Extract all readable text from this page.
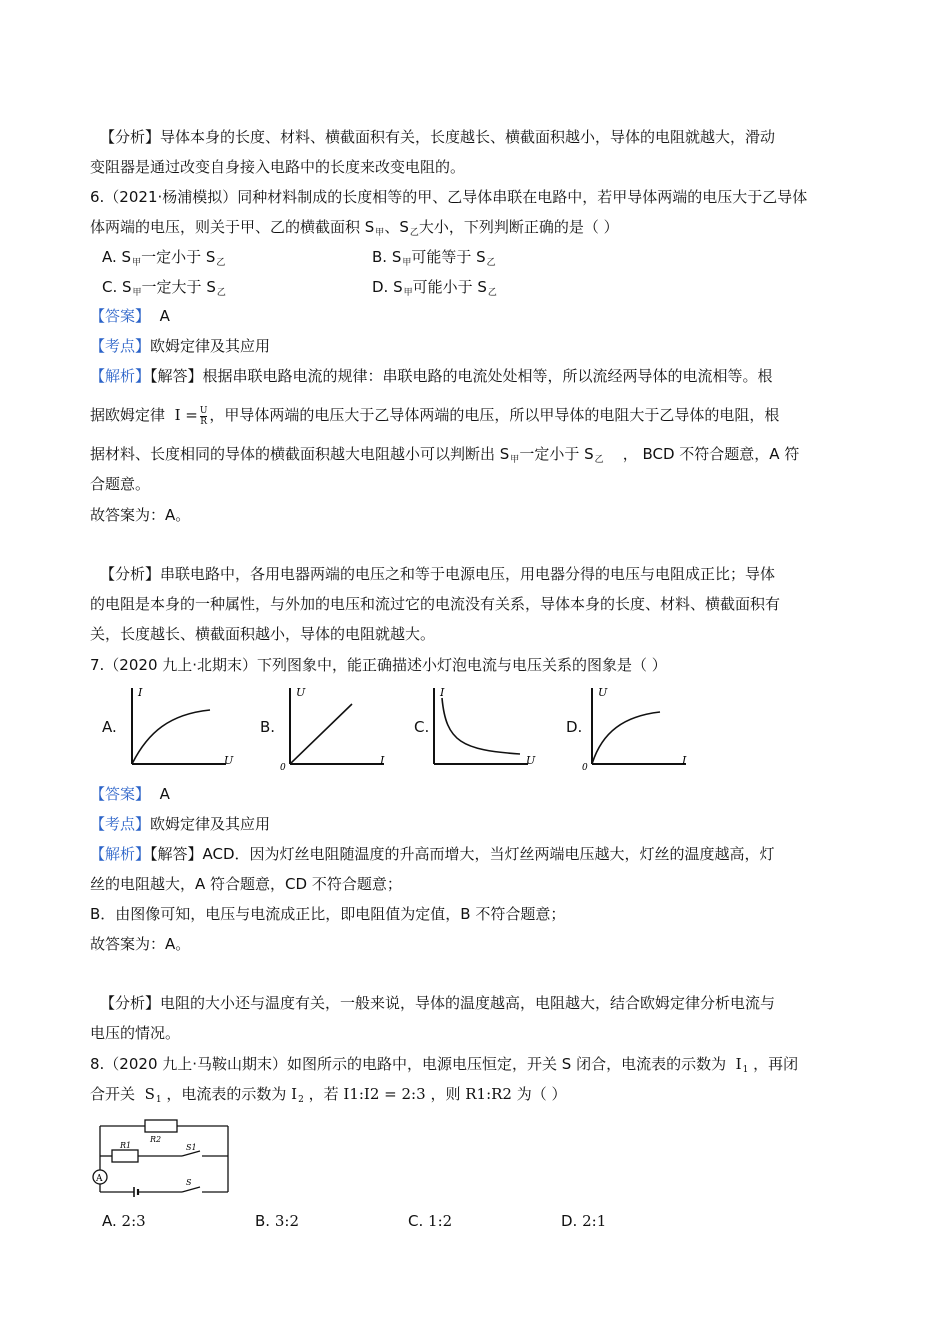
【分析】导体本身的长度、材料、横截面积有关，长度越长、横截面积越小，导体的电阻就越大，滑动
变阻器是通过改变自身接入电路中的长度来改变电阻的。
6.（2021·杨浦模拟）同种材料制成的长度相等的甲、乙导体串联在电路中，若甲导体两端的电压大于乙导体
体两端的电压，则关于甲、乙的横截面积 $S_甲$、$S_乙$大小，下列判断正确的是（ ）
A. $S_甲$一定小于 $S_乙$	B. $S_甲$可能等于 $S_乙$
C. $S_甲$一定大于 $S_乙$	D. $S_甲$可能小于 $S_乙$
【答案】 A
【考点】欧姆定律及其应用
【解析】【解答】根据串联电路电流的规律：串联电路的电流处处相等，所以流经两导体的电流相等。根
据欧姆定律 $I = \frac{U}{R}$ ，甲导体两端的电压大于乙导体两端的电压，所以甲导体的电阻大于乙导体的电阻，根
据材料、长度相同的导体的横截面积越大电阻越小可以判断出 $S_甲$一定小于 $S_乙$ ， BCD 不符合题意，A 符
合题意。
故答案为：A。
【分析】串联电路中，各用电器两端的电压之和等于电源电压，用电器分得的电压与电阻成正比；导体
的电阻是本身的一种属性，与外加的电压和流过它的电流没有关系，导体本身的长度、材料、横截面积有
关，长度越长、横截面积越小，导体的电阻就越大。
7.（2020 九上·北期末）下列图象中，能正确描述小灯泡电流与电压关系的图象是（ ）
A.	B.	C.	D.
I
U
U
I
0
I
U
U
I
0
【答案】 A
【考点】欧姆定律及其应用
【解析】【解答】ACD．因为灯丝电阻随温度的升高而增大，当灯丝两端电压越大，灯丝的温度越高，灯
丝的电阻越大，A 符合题意，CD 不符合题意；
B．由图像可知，电压与电流成正比，即电阻值为定值，B 不符合题意；
故答案为：A。
【分析】电阻的大小还与温度有关，一般来说，导体的温度越高，电阻越大，结合欧姆定律分析电流与
电压的情况。
8.（2020 九上·马鞍山期末）如图所示的电路中，电源电压恒定，开关 S 闭合，电流表的示数为 $I_1$ ，再闭
合开关 $S_1$ ，电流表的示数为 $I_2$ ，若 I1:I2 = 2:3 ，则 R1:R2 为（ ）
A
R2
R1	S1
S
A. 2:3	B. 3:2	C. 1:2	D. 2:1
